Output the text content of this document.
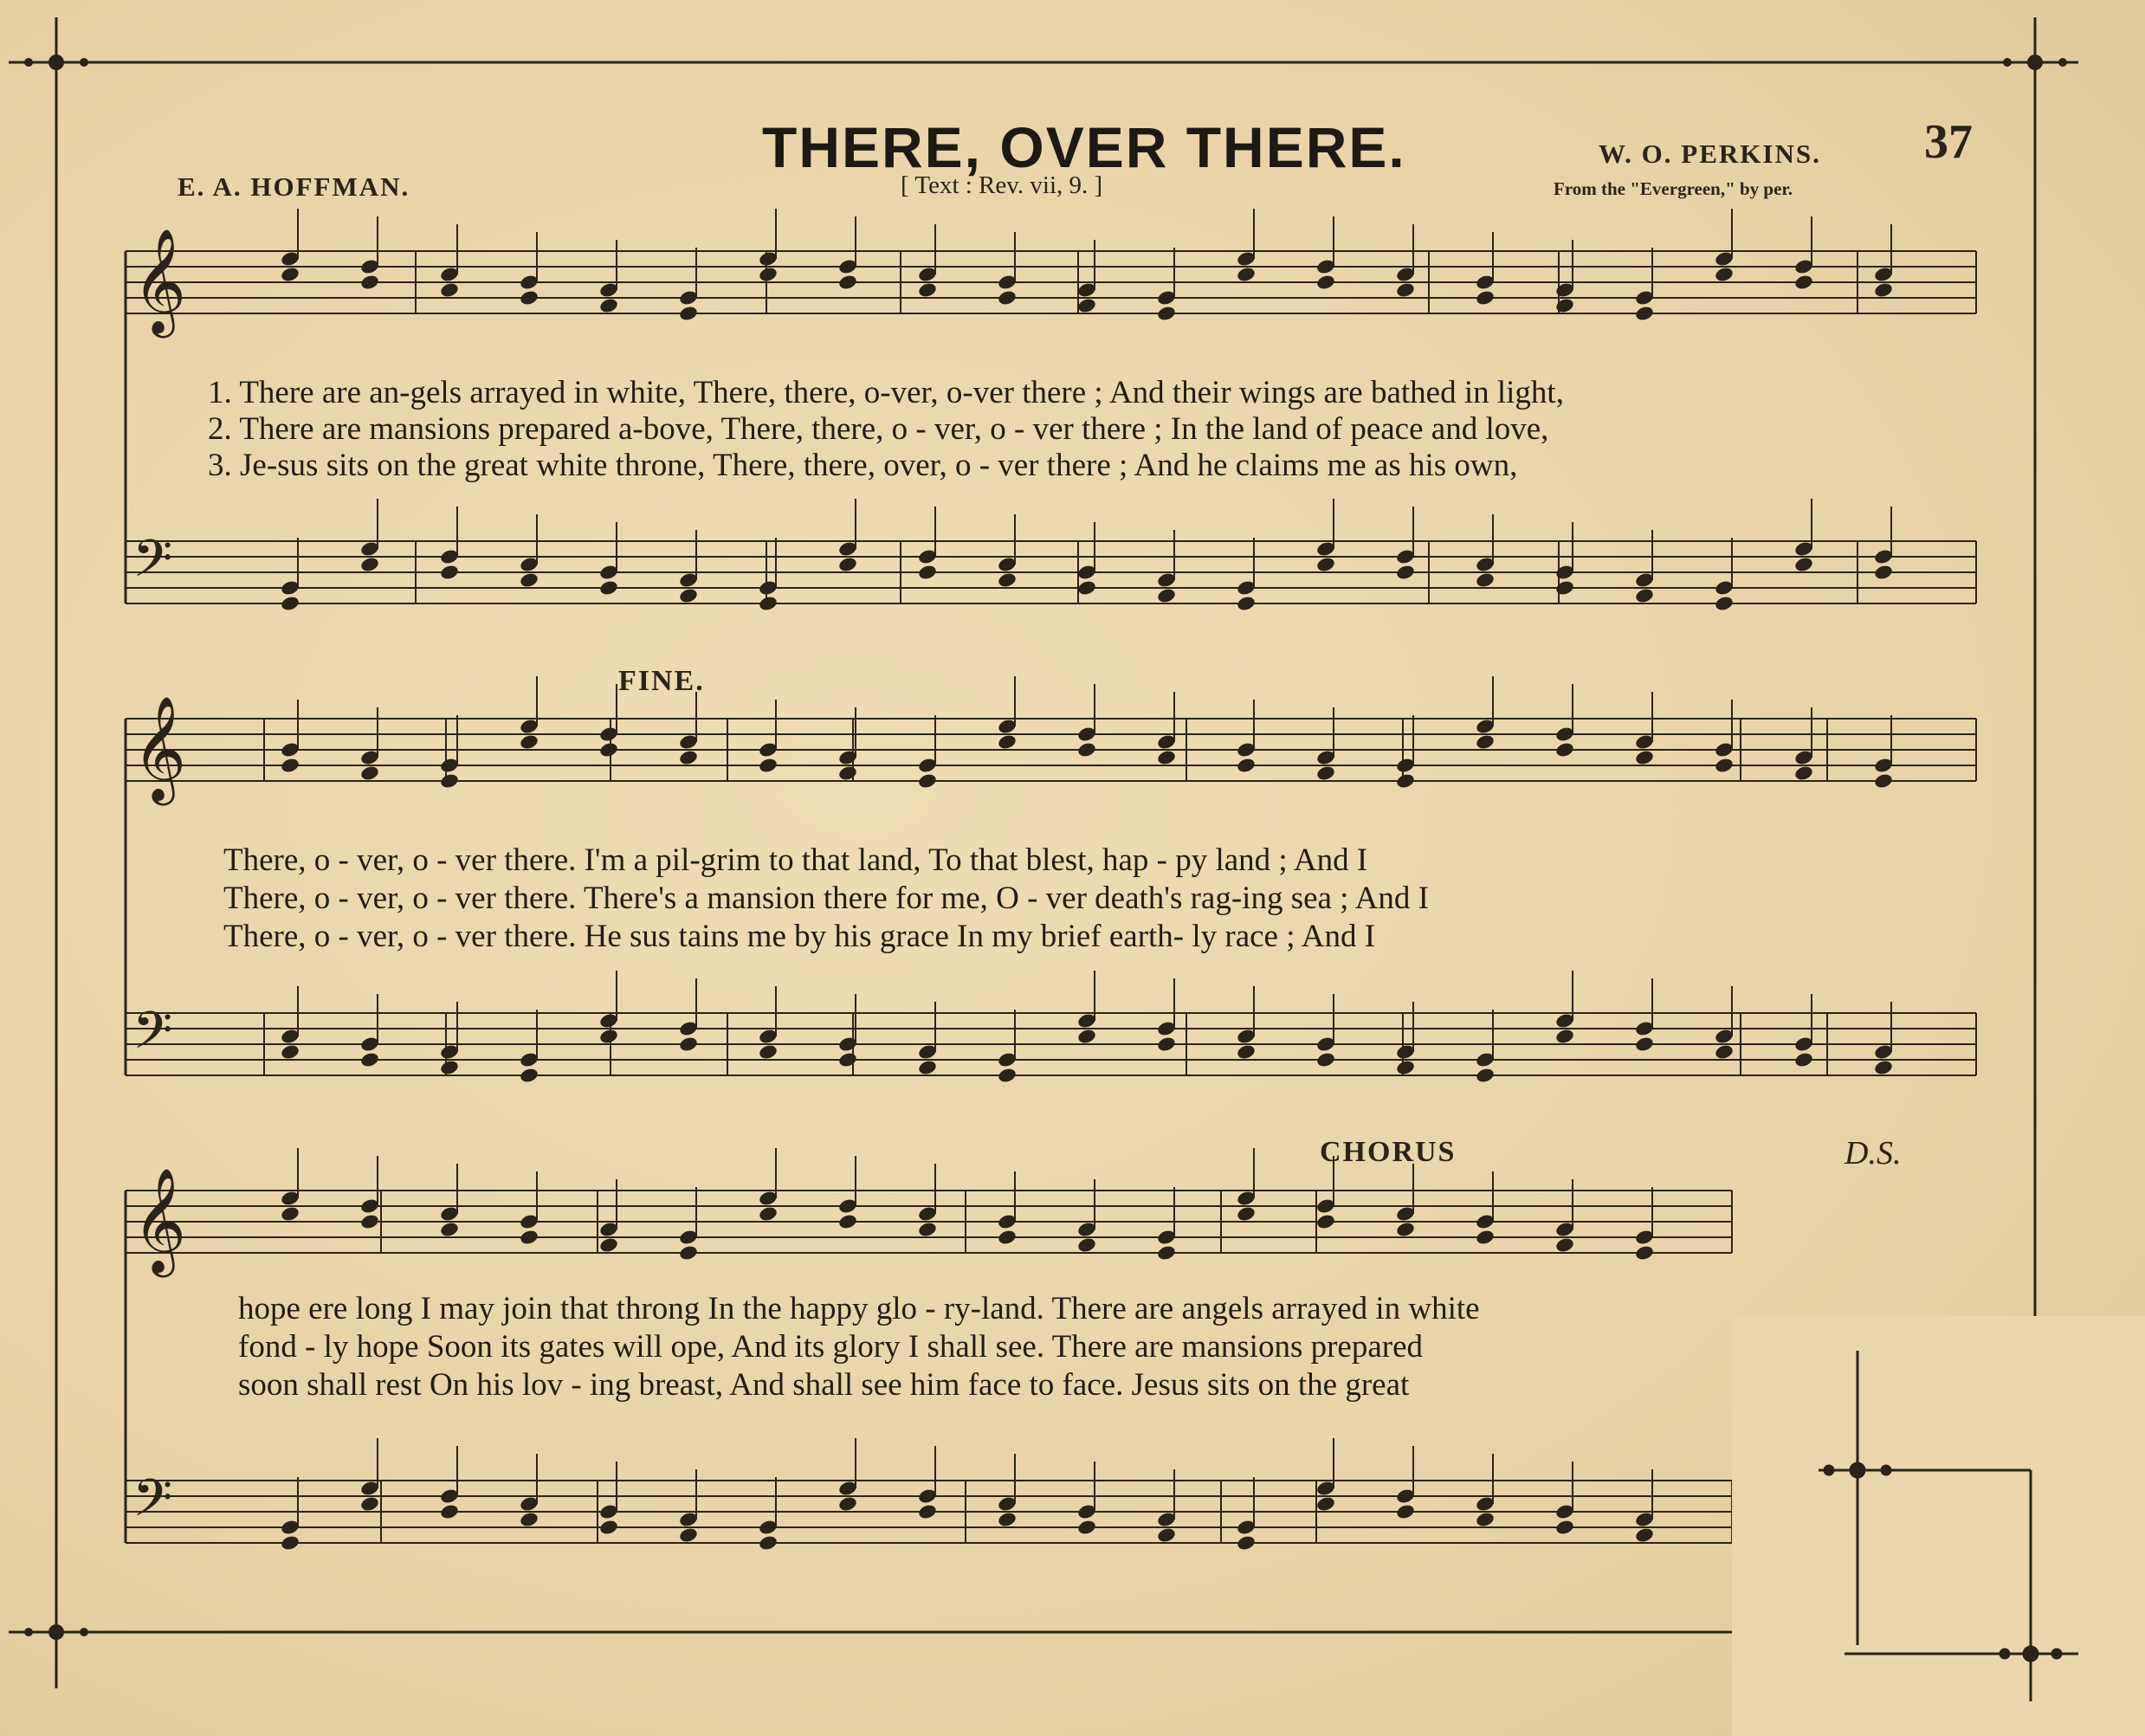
THERE, OVER THERE.
E. A. HOFFMAN.
W. O. PERKINS. 37
[ Text : Rev. vii, 9. ]	From the "Evergreen," by per.
𝄞
𝄢
𝄞
𝄢
𝄞
𝄢
1. There are an-gels arrayed in white, There, there, o-ver, o-ver there ; And their wings are bathed in light,
2. There are mansions prepared a-bove, There, there, o - ver, o - ver there ; In the land of peace and love,
3. Je-sus sits on the great white throne, There, there, over, o - ver there ; And he claims me as his own,
There, o - ver, o - ver there. I'm a pil-grim to that land, To that blest, hap - py land ; And I
There, o - ver, o - ver there. There's a mansion there for me, O - ver death's rag-ing sea ; And I
There, o - ver, o - ver there. He sus tains me by his grace In my brief earth- ly race ; And I
hope ere long I may join that throng In the happy glo - ry-land. There are angels arrayed in white
fond - ly hope Soon its gates will ope, And its glory I shall see. There are mansions prepared
soon shall rest On his lov - ing breast, And shall see him face to face. Jesus sits on the great
FINE.
CHORUS	D.S.
